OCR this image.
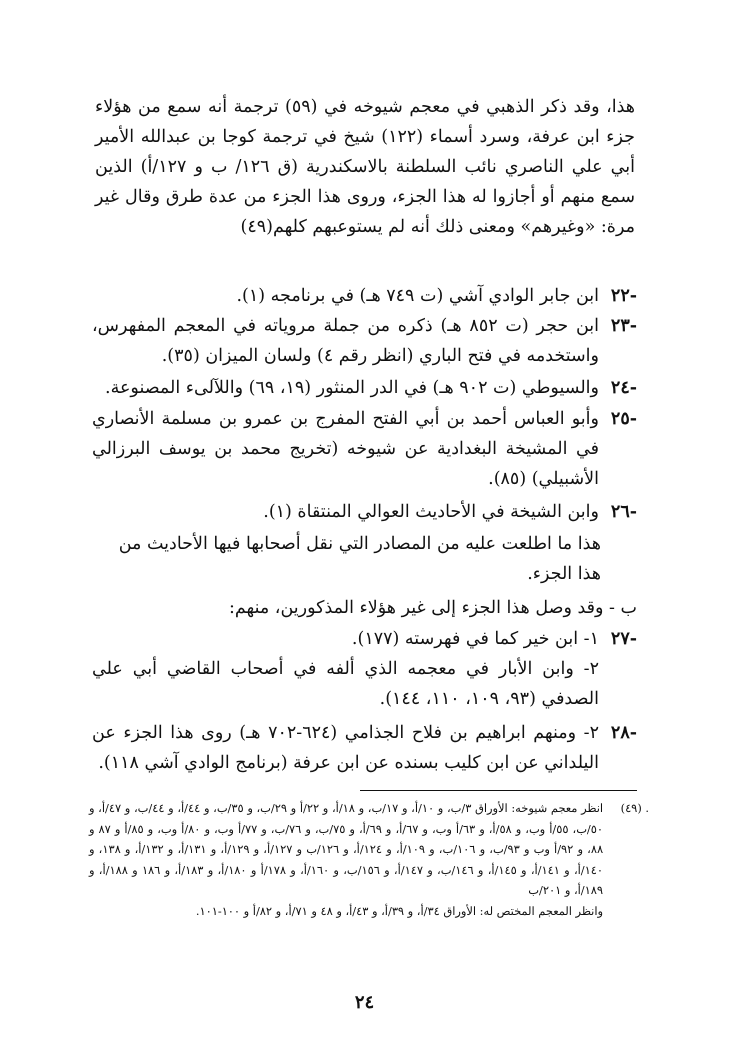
هذا، وقد ذكر الذهبي في معجم شيوخه في (٥٩) ترجمة أنه سمع من هؤلاء جزء ابن عرفة، وسرد أسماء (١٢٢) شيخ في ترجمة كوجا بن عبدالله الأمير أبي علي الناصري نائب السلطنة بالاسكندرية (ق ١٢٦/ ب و ١٢٧/أ) الذين سمع منهم أو أجازوا له هذا الجزء، وروى هذا الجزء من عدة طرق وقال غير مرة: «وغيرهم» ومعنى ذلك أنه لم يستوعبهم كلهم(٤٩)
-٢٢
ابن جابر الوادي آشي (ت ٧٤٩ هـ) في برنامجه (١).
-٢٣
ابن حجر (ت ٨٥٢ هـ) ذكره من جملة مروياته في المعجم المفهرس، واستخدمه في فتح الباري (انظر رقم ٤) ولسان الميزان (٣٥).
-٢٤
والسيوطي (ت ٩٠٢ هـ) في الدر المنثور (١٩، ٦٩) واللآلىء المصنوعة.
-٢٥
وأبو العباس أحمد بن أبي الفتح المفرج بن عمرو بن مسلمة الأنصاري في المشيخة البغدادية عن شيوخه (تخريج محمد بن يوسف البرزالي الأشبيلي) (٨٥).
-٢٦
وابن الشيخة في الأحاديث العوالي المنتقاة (١).
هذا ما اطلعت عليه من المصادر التي نقل أصحابها فيها الأحاديث من هذا الجزء.
ب - وقد وصل هذا الجزء إلى غير هؤلاء المذكورين، منهم:
-٢٧
١- ابن خير كما في فهرسته (١٧٧).
٢- وابن الأبار في معجمه الذي ألفه في أصحاب القاضي أبي علي الصدفي (٩٣، ١٠٩، ١١٠، ١٤٤).
-٢٨
٢- ومنهم ابراهيم بن فلاح الجذامي (٦٢٤-٧٠٢ هـ) روى هذا الجزء عن اليلداني عن ابن كليب بسنده عن ابن عرفة (برنامج الوادي آشي ١١٨).
. (٤٩)
انظر معجم شيوخه: الأوراق ٣/ب، و ١٠/أ، و ١٧/ب، و ١٨/أ، و ٢٢/أ و ٢٩/ب، و ٣٥/ب، و ٤٤/أ، و ٤٤/ب، و ٤٧/أ، و ٥٠/ب، ٥٥/أ وب، و ٥٨/أ، و ٦٣/أ وب، و ٦٧/أ، و ٦٩/أ، و ٧٥/ب، و ٧٦/ب، و ٧٧/أ وب، و ٨٠/أ وب، و ٨٥/أ و ٨٧ و ٨٨، و ٩٢/أ وب و ٩٣/ب، و ١٠٦/ب، و ١٠٩/أ، و ١٢٤/أ، و ١٢٦/ب و ١٢٧/أ، و ١٢٩/أ، و ١٣١/أ، و ١٣٢/أ، و ١٣٨، و ١٤٠/أ، و ١٤١/أ، و ١٤٥/أ، و ١٤٦/ب، و ١٤٧/أ، و ١٥٦/ب، و ١٦٠/أ، و ١٧٨/أ و ١٨٠/أ، و ١٨٣/أ، و ١٨٦ و ١٨٨/أ، و ١٨٩/أ، و ٢٠١/ب
وانظر المعجم المختص له: الأوراق ٣٤/أ، و ٣٩/أ، و ٤٣/أ، و ٤٨ و ٧١/أ، و ٨٢/أ و ١٠٠-١٠١.
٢٤
